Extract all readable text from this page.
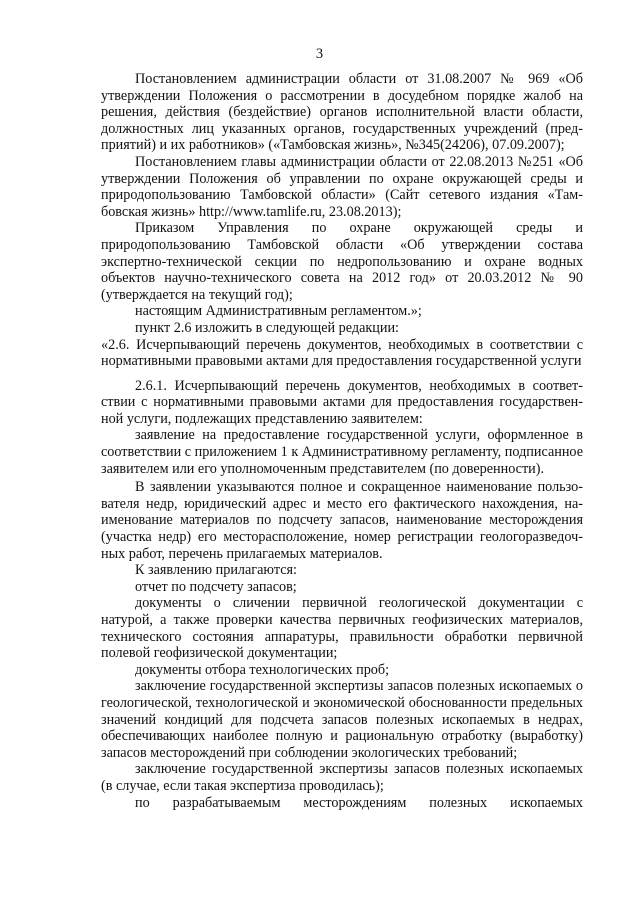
3

Постановлением администрации области от 31.08.2007 № 969 «Об утверждении Положения о рассмотрении в досудебном порядке жалоб на решения, действия (бездействие) органов исполнительной власти области, должностных лиц указанных органов, государственных учреждений (предприятий) и их работников» («Тамбовская жизнь», №345(24206), 07.09.2007);

Постановлением главы администрации области от 22.08.2013 №251 «Об утверждении Положения об управлении по охране окружающей среды и природопользованию Тамбовской области» (Сайт сетевого издания «Тамбовская жизнь» http://www.tamlife.ru, 23.08.2013);

Приказом Управления по охране окружающей среды и природопользованию Тамбовской области «Об утверждении состава экспертно-технической секции по недропользованию и охране водных объектов научно-технического совета на 2012 год» от 20.03.2012 № 90 (утверждается на текущий год);

настоящим Административным регламентом.»;

пункт 2.6 изложить в следующей редакции:

«2.6. Исчерпывающий перечень документов, необходимых в соответствии с нормативными правовыми актами для предоставления государственной услуги

2.6.1. Исчерпывающий перечень документов, необходимых в соответствии с нормативными правовыми актами для предоставления государственной услуги, подлежащих представлению заявителем:

заявление на предоставление государственной услуги, оформленное в соответствии с приложением 1 к Административному регламенту, подписанное заявителем или его уполномоченным представителем (по доверенности).

В заявлении указываются полное и сокращенное наименование пользователя недр, юридический адрес и место его фактического нахождения, наименование материалов по подсчету запасов, наименование месторождения (участка недр) его месторасположение, номер регистрации геологоразведочных работ, перечень прилагаемых материалов.

К заявлению прилагаются:

отчет по подсчету запасов;

документы о сличении первичной геологической документации с натурой, а также проверки качества первичных геофизических материалов, технического состояния аппаратуры, правильности обработки первичной полевой геофизической документации;

документы отбора технологических проб;

заключение государственной экспертизы запасов полезных ископаемых о геологической, технологической и экономической обоснованности предельных значений кондиций для подсчета запасов полезных ископаемых в недрах, обеспечивающих наиболее полную и рациональную отработку (выработку) запасов месторождений при соблюдении экологических требований;

заключение государственной экспертизы запасов полезных ископаемых (в случае, если такая экспертиза проводилась);

по разрабатываемым месторождениям полезных ископаемых
